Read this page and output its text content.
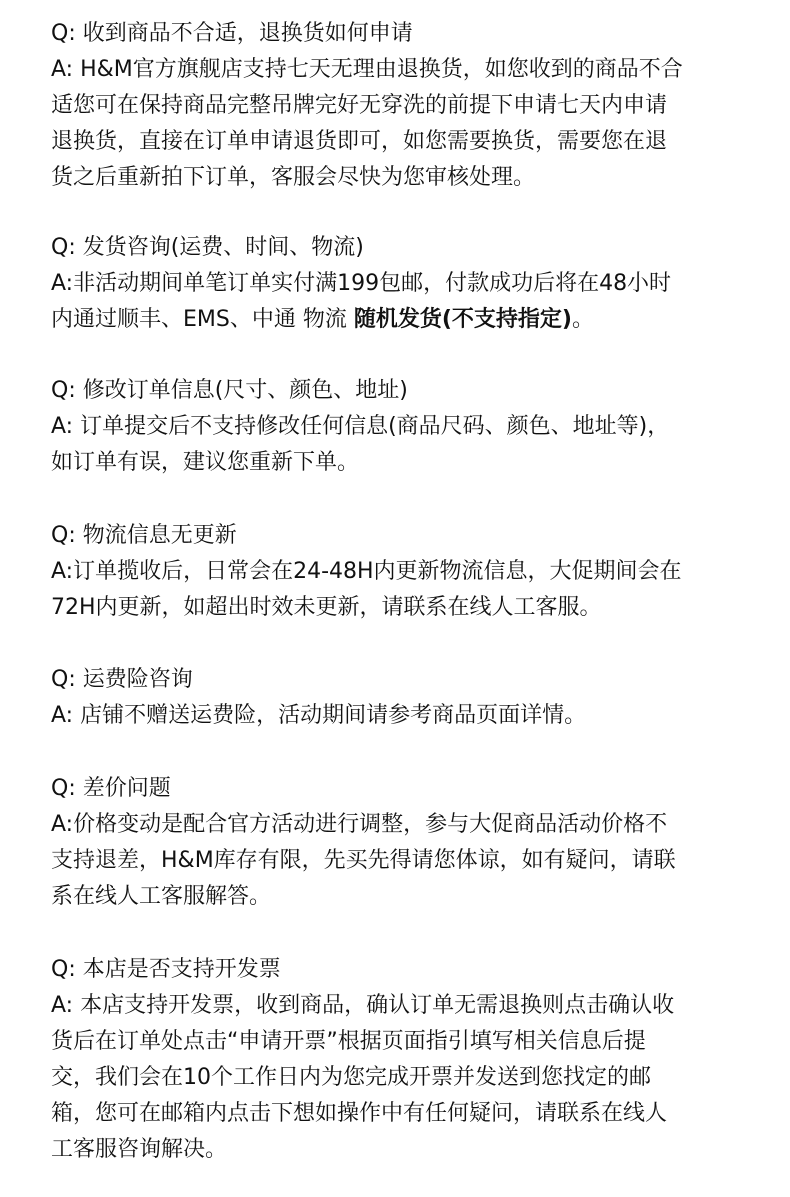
Q: 收到商品不合适，退换货如何申请

A: H&M官方旗舰店支持七天无理由退换货，如您收到的商品不合

适您可在保持商品完整吊牌完好无穿洗的前提下申请七天内申请

退换货，直接在订单申请退货即可，如您需要换货，需要您在退

货之后重新拍下订单，客服会尽快为您审核处理。

Q: 发货咨询(运费、时间、物流)

A:非活动期间单笔订单实付满199包邮，付款成功后将在48小时

内通过顺丰、EMS、中通 物流 随机发货(不支持指定)。

Q: 修改订单信息(尺寸、颜色、地址)

A: 订单提交后不支持修改任何信息(商品尺码、颜色、地址等)，

如订单有误，建议您重新下单。

Q: 物流信息无更新

A:订单揽收后，日常会在24-48H内更新物流信息，大促期间会在

72H内更新，如超出时效未更新，请联系在线人工客服。

Q: 运费险咨询

A: 店铺不赠送运费险，活动期间请参考商品页面详情。

Q: 差价问题

A:价格变动是配合官方活动进行调整，参与大促商品活动价格不

支持退差，H&M库存有限，先买先得请您体谅，如有疑问，请联

系在线人工客服解答。

Q: 本店是否支持开发票

A: 本店支持开发票，收到商品，确认订单无需退换则点击确认收

货后在订单处点击“申请开票”根据页面指引填写相关信息后提

交，我们会在10个工作日内为您完成开票并发送到您找定的邮

箱，您可在邮箱内点击下想如操作中有任何疑问，请联系在线人

工客服咨询解决。
